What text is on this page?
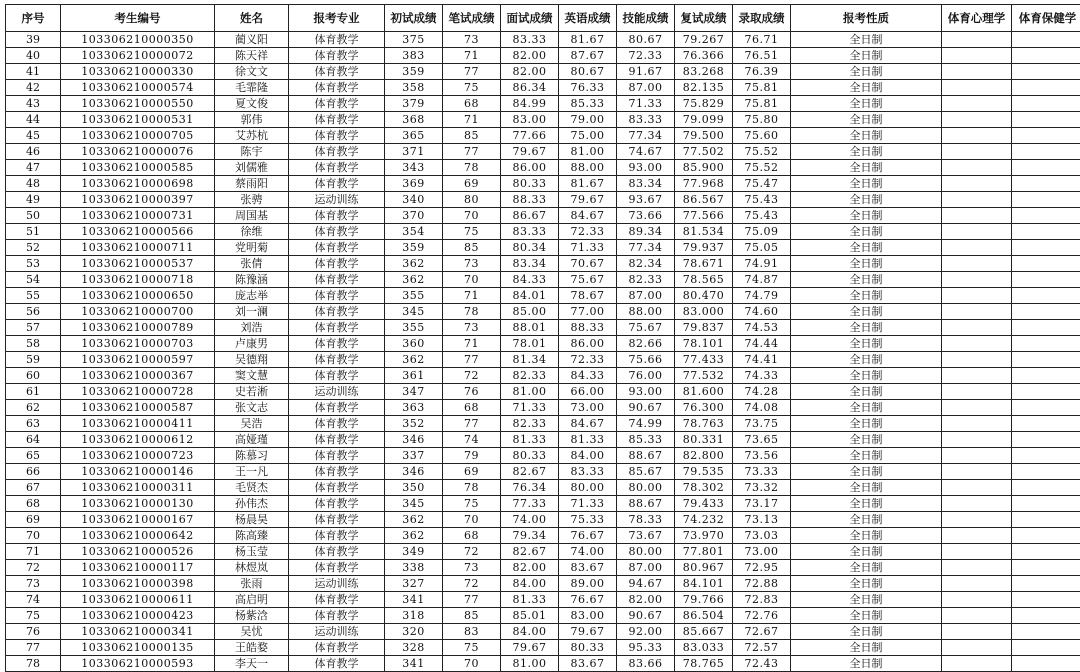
序号	考生编号	姓名	报考专业	初试成绩	笔试成绩	面试成绩	英语成绩	技能成绩	复试成绩	录取成绩	报考性质	体育心理学	体育保健学
39	103306210000350	蔺义阳	体育教学	375	73	83.33	81.67	80.67	79.267	76.71	全日制		
40	103306210000072	陈天祥	体育教学	383	71	82.00	87.67	72.33	76.366	76.51	全日制		
41	103306210000330	徐文文	体育教学	359	77	82.00	80.67	91.67	83.268	76.39	全日制		
42	103306210000574	毛霏隆	体育教学	358	75	86.34	76.33	87.00	82.135	75.81	全日制		
43	103306210000550	夏文俊	体育教学	379	68	84.99	85.33	71.33	75.829	75.81	全日制		
44	103306210000531	郭伟	体育教学	368	71	83.00	79.00	83.33	79.099	75.80	全日制		
45	103306210000705	艾苏杭	体育教学	365	85	77.66	75.00	77.34	79.500	75.60	全日制		
46	103306210000076	陈宇	体育教学	371	77	79.67	81.00	74.67	77.502	75.52	全日制		
47	103306210000585	刘儒雅	体育教学	343	78	86.00	88.00	93.00	85.900	75.52	全日制		
48	103306210000698	蔡雨阳	体育教学	369	69	80.33	81.67	83.34	77.968	75.47	全日制		
49	103306210000397	张骋	运动训练	340	80	88.33	79.67	93.67	86.567	75.43	全日制		
50	103306210000731	周国基	体育教学	370	70	86.67	84.67	73.66	77.566	75.43	全日制		
51	103306210000566	徐维	体育教学	354	75	83.33	72.33	89.34	81.534	75.09	全日制		
52	103306210000711	党明菊	体育教学	359	85	80.34	71.33	77.34	79.937	75.05	全日制		
53	103306210000537	张倩	体育教学	362	73	83.34	70.67	82.34	78.671	74.91	全日制		
54	103306210000718	陈豫涵	体育教学	362	70	84.33	75.67	82.33	78.565	74.87	全日制		
55	103306210000650	庞志举	体育教学	355	71	84.01	78.67	87.00	80.470	74.79	全日制		
56	103306210000700	刘一澜	体育教学	345	78	85.00	77.00	88.00	83.000	74.60	全日制		
57	103306210000789	刘浩	体育教学	355	73	88.01	88.33	75.67	79.837	74.53	全日制		
58	103306210000703	卢康男	体育教学	360	71	78.01	86.00	82.66	78.101	74.44	全日制		
59	103306210000597	吴德翔	体育教学	362	77	81.34	72.33	75.66	77.433	74.41	全日制		
60	103306210000367	窦文慧	体育教学	361	72	82.33	84.33	76.00	77.532	74.33	全日制		
61	103306210000728	史若淅	运动训练	347	76	81.00	66.00	93.00	81.600	74.28	全日制		
62	103306210000587	张文志	体育教学	363	68	71.33	73.00	90.67	76.300	74.08	全日制		
63	103306210000411	吴浩	体育教学	352	77	82.33	84.67	74.99	78.763	73.75	全日制		
64	103306210000612	高娅瑾	体育教学	346	74	81.33	81.33	85.33	80.331	73.65	全日制		
65	103306210000723	陈慕习	体育教学	337	79	80.33	84.00	88.67	82.800	73.56	全日制		
66	103306210000146	王一凡	体育教学	346	69	82.67	83.33	85.67	79.535	73.33	全日制		
67	103306210000311	毛贤杰	体育教学	350	78	76.34	80.00	80.00	78.302	73.32	全日制		
68	103306210000130	孙伟杰	体育教学	345	75	77.33	71.33	88.67	79.433	73.17	全日制		
69	103306210000167	杨晨昊	体育教学	362	70	74.00	75.33	78.33	74.232	73.13	全日制		
70	103306210000642	陈高臻	体育教学	362	68	79.34	76.67	73.67	73.970	73.03	全日制		
71	103306210000526	杨玉莹	体育教学	349	72	82.67	74.00	80.00	77.801	73.00	全日制		
72	103306210000117	林煜岚	体育教学	338	73	82.00	83.67	87.00	80.967	72.95	全日制		
73	103306210000398	张雨	运动训练	327	72	84.00	89.00	94.67	84.101	72.88	全日制		
74	103306210000611	高启明	体育教学	341	77	81.33	76.67	82.00	79.766	72.83	全日制		
75	103306210000423	杨紫浛	体育教学	318	85	85.01	83.00	90.67	86.504	72.76	全日制		
76	103306210000341	吴忧	运动训练	320	83	84.00	79.67	92.00	85.667	72.67	全日制		
77	103306210000135	王皓婺	体育教学	328	75	79.67	80.33	95.33	83.033	72.57	全日制		
78	103306210000593	李天一	体育教学	341	70	81.00	83.67	83.66	78.765	72.43	全日制		
